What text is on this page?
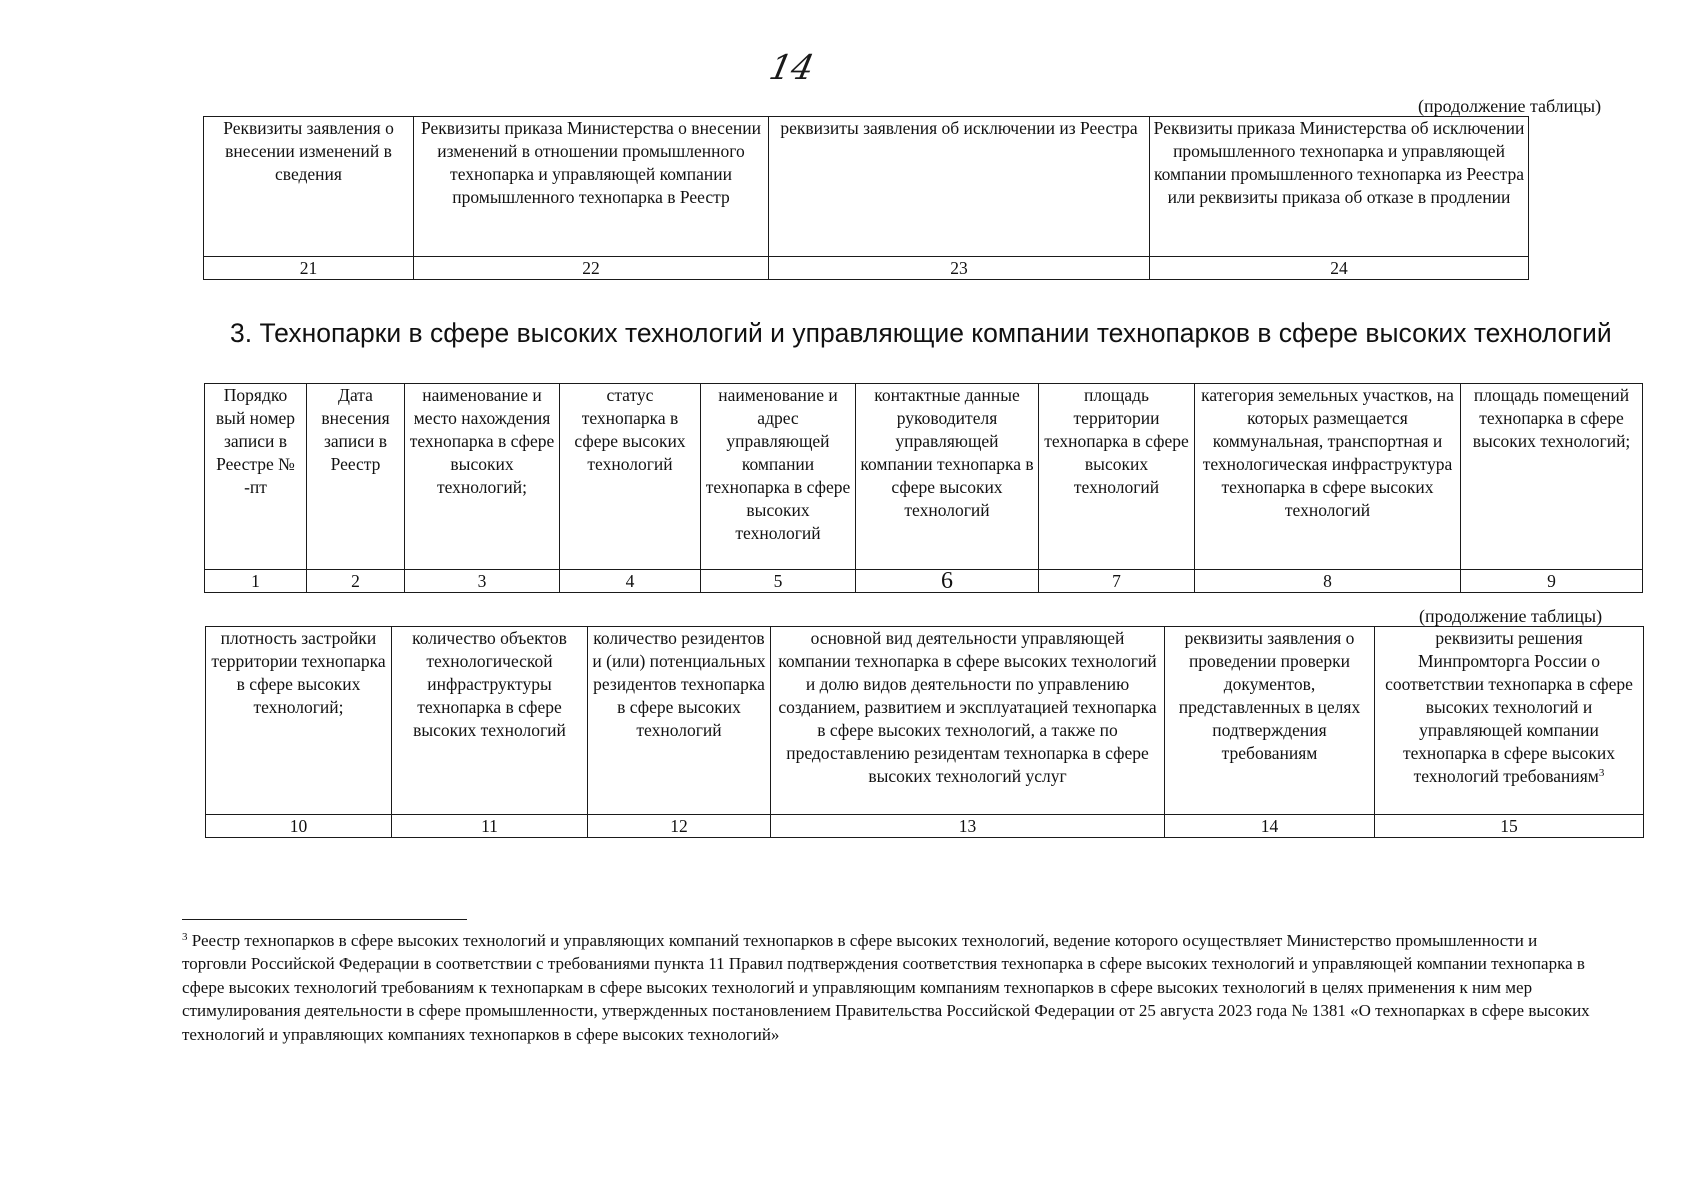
14
(продолжение таблицы)
Реквизиты заявления о внесении изменений в сведения	Реквизиты приказа Министерства о внесении изменений в отношении промышленного технопарка и управляющей компании промышленного технопарка в Реестр	реквизиты заявления об исключении из Реестра	Реквизиты приказа Министерства об исключении промышленного технопарка и управляющей компании промышленного технопарка из Реестра или реквизиты приказа об отказе в продлении
21	22	23	24
3. Технопарки в сфере высоких технологий и управляющие компании технопарков в сфере высоких технологий
Порядко вый номер записи в Реестре № -пт	Дата внесения записи в Реестр	наименование и место нахождения технопарка в сфере высоких технологий;	статус технопарка в сфере высоких технологий	наименование и адрес управляющей компании технопарка в сфере высоких технологий	контактные данные руководителя управляющей компании технопарка в сфере высоких технологий	площадь территории технопарка в сфере высоких технологий	категория земельных участков, на которых размещается коммунальная, транспортная и технологическая инфраструктура технопарка в сфере высоких технологий	площадь помещений технопарка в сфере высоких технологий;
1	2	3	4	5	6	7	8	9
(продолжение таблицы)
плотность застройки территории технопарка в сфере высоких технологий;	количество объектов технологической инфраструктуры технопарка в сфере высоких технологий	количество резидентов и (или) потенциальных резидентов технопарка в сфере высоких технологий	основной вид деятельности управляющей компании технопарка в сфере высоких технологий и долю видов деятельности по управлению созданием, развитием и эксплуатацией технопарка в сфере высоких технологий, а также по предоставлению резидентам технопарка в сфере высоких технологий услуг	реквизиты заявления о проведении проверки документов, представленных в целях подтверждения требованиям	реквизиты решения Минпромторга России о соответствии технопарка в сфере высоких технологий и управляющей компании технопарка в сфере высоких технологий требованиям$^3$
10	11	12	13	14	15
$^3$ Реестр технопарков в сфере высоких технологий и управляющих компаний технопарков в сфере высоких технологий, ведение которого осуществляет Министерство промышленности и торговли Российской Федерации в соответствии с требованиями пункта 11 Правил подтверждения соответствия технопарка в сфере высоких технологий и управляющей компании технопарка в сфере высоких технологий требованиям к технопаркам в сфере высоких технологий и управляющим компаниям технопарков в сфере высоких технологий в целях применения к ним мер стимулирования деятельности в сфере промышленности, утвержденных постановлением Правительства Российской Федерации от 25 августа 2023 года № 1381 «О технопарках в сфере высоких технологий и управляющих компаниях технопарков в сфере высоких технологий»
